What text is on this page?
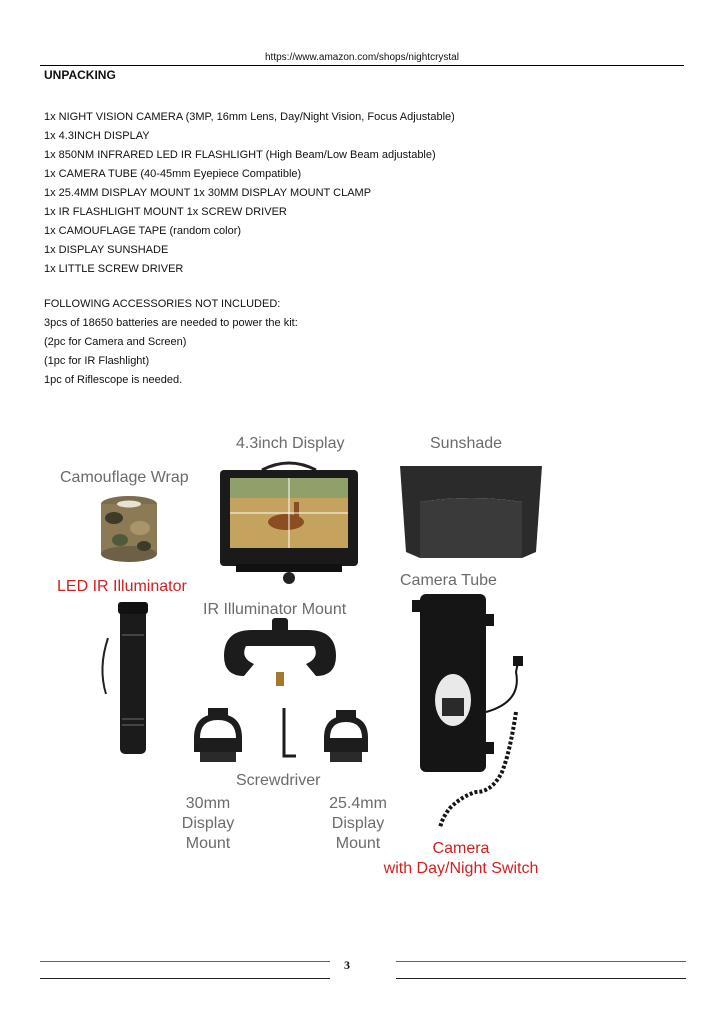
https://www.amazon.com/shops/nightcrystal
UNPACKING
1x NIGHT VISION CAMERA (3MP, 16mm Lens, Day/Night Vision, Focus Adjustable)
1x 4.3INCH DISPLAY
1x 850NM INFRARED LED IR FLASHLIGHT (High Beam/Low Beam adjustable)
1x CAMERA TUBE (40-45mm Eyepiece Compatible)
1x 25.4MM DISPLAY MOUNT 1x 30MM DISPLAY MOUNT CLAMP
1x IR FLASHLIGHT MOUNT 1x SCREW DRIVER
1x CAMOUFLAGE TAPE (random color)
1x DISPLAY SUNSHADE
1x LITTLE SCREW DRIVER
FOLLOWING ACCESSORIES NOT INCLUDED:
3pcs of 18650 batteries are needed to power the kit:
(2pc for Camera and Screen)
(1pc for IR Flashlight)
1pc of Riflescope is needed.
4.3inch Display	Sunshade
Camouflage Wrap
LED IR Illuminator	Camera Tube
IR Illuminator Mount
Screwdriver
30mm
Display
Mount
25.4mm
Display
Mount	Camera
with Day/Night Switch
3
